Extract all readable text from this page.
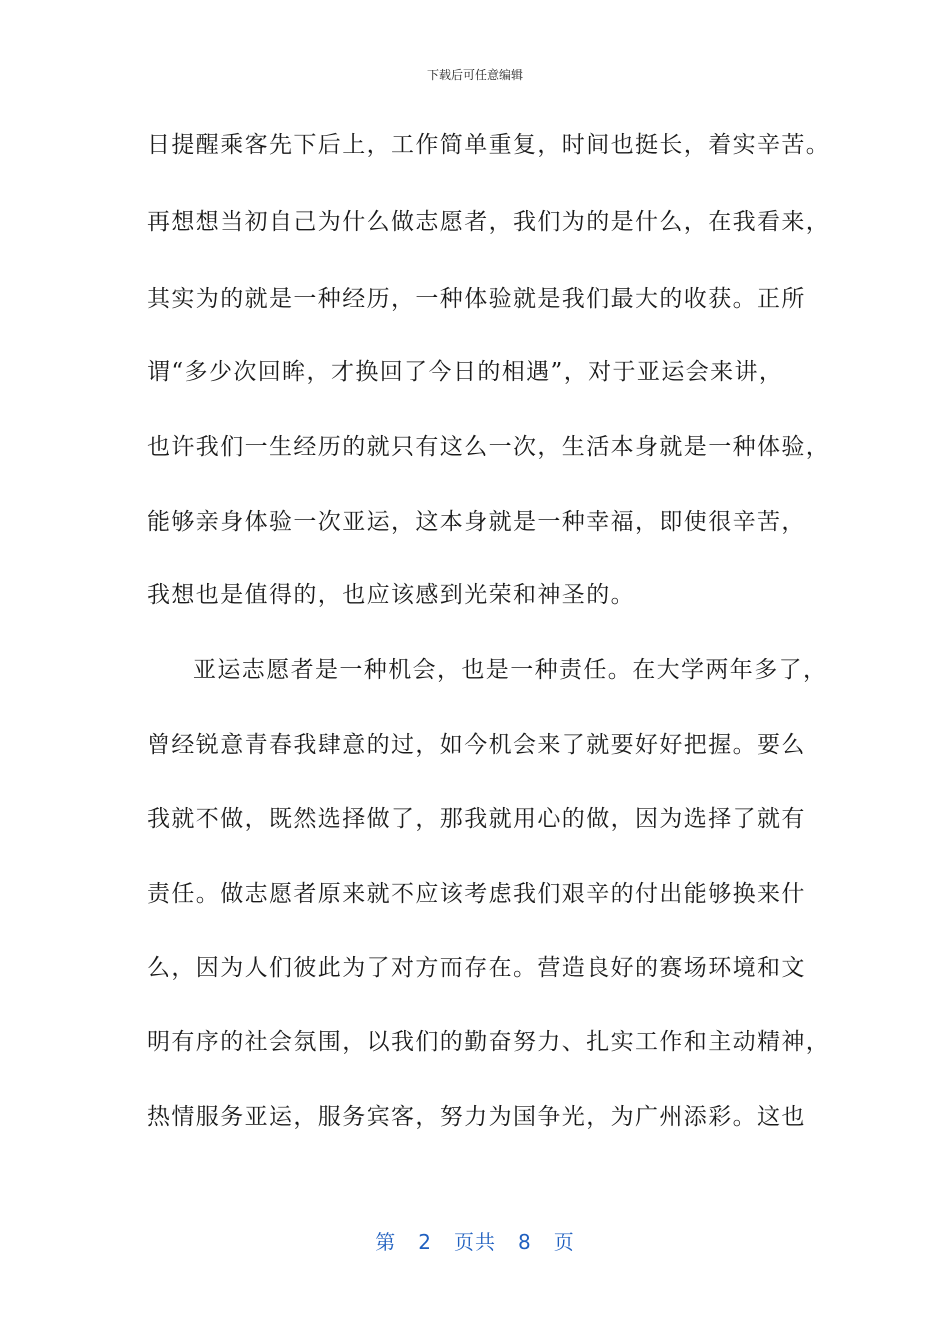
下载后可任意编辑
日提醒乘客先下后上，工作简单重复，时间也挺长，着实辛苦。
再想想当初自己为什么做志愿者，我们为的是什么，在我看来，
其实为的就是一种经历，一种体验就是我们最大的收获。正所
谓“多少次回眸，才换回了今日的相遇”，对于亚运会来讲，
也许我们一生经历的就只有这么一次，生活本身就是一种体验，
能够亲身体验一次亚运，这本身就是一种幸福，即使很辛苦，
我想也是值得的，也应该感到光荣和神圣的。
亚运志愿者是一种机会，也是一种责任。在大学两年多了，
曾经锐意青春我肆意的过，如今机会来了就要好好把握。要么
我就不做，既然选择做了，那我就用心的做，因为选择了就有
责任。做志愿者原来就不应该考虑我们艰辛的付出能够换来什
么，因为人们彼此为了对方而存在。营造良好的赛场环境和文
明有序的社会氛围，以我们的勤奋努力、扎实工作和主动精神，
热情服务亚运，服务宾客，努力为国争光，为广州添彩。这也
第 2 页共 8 页
